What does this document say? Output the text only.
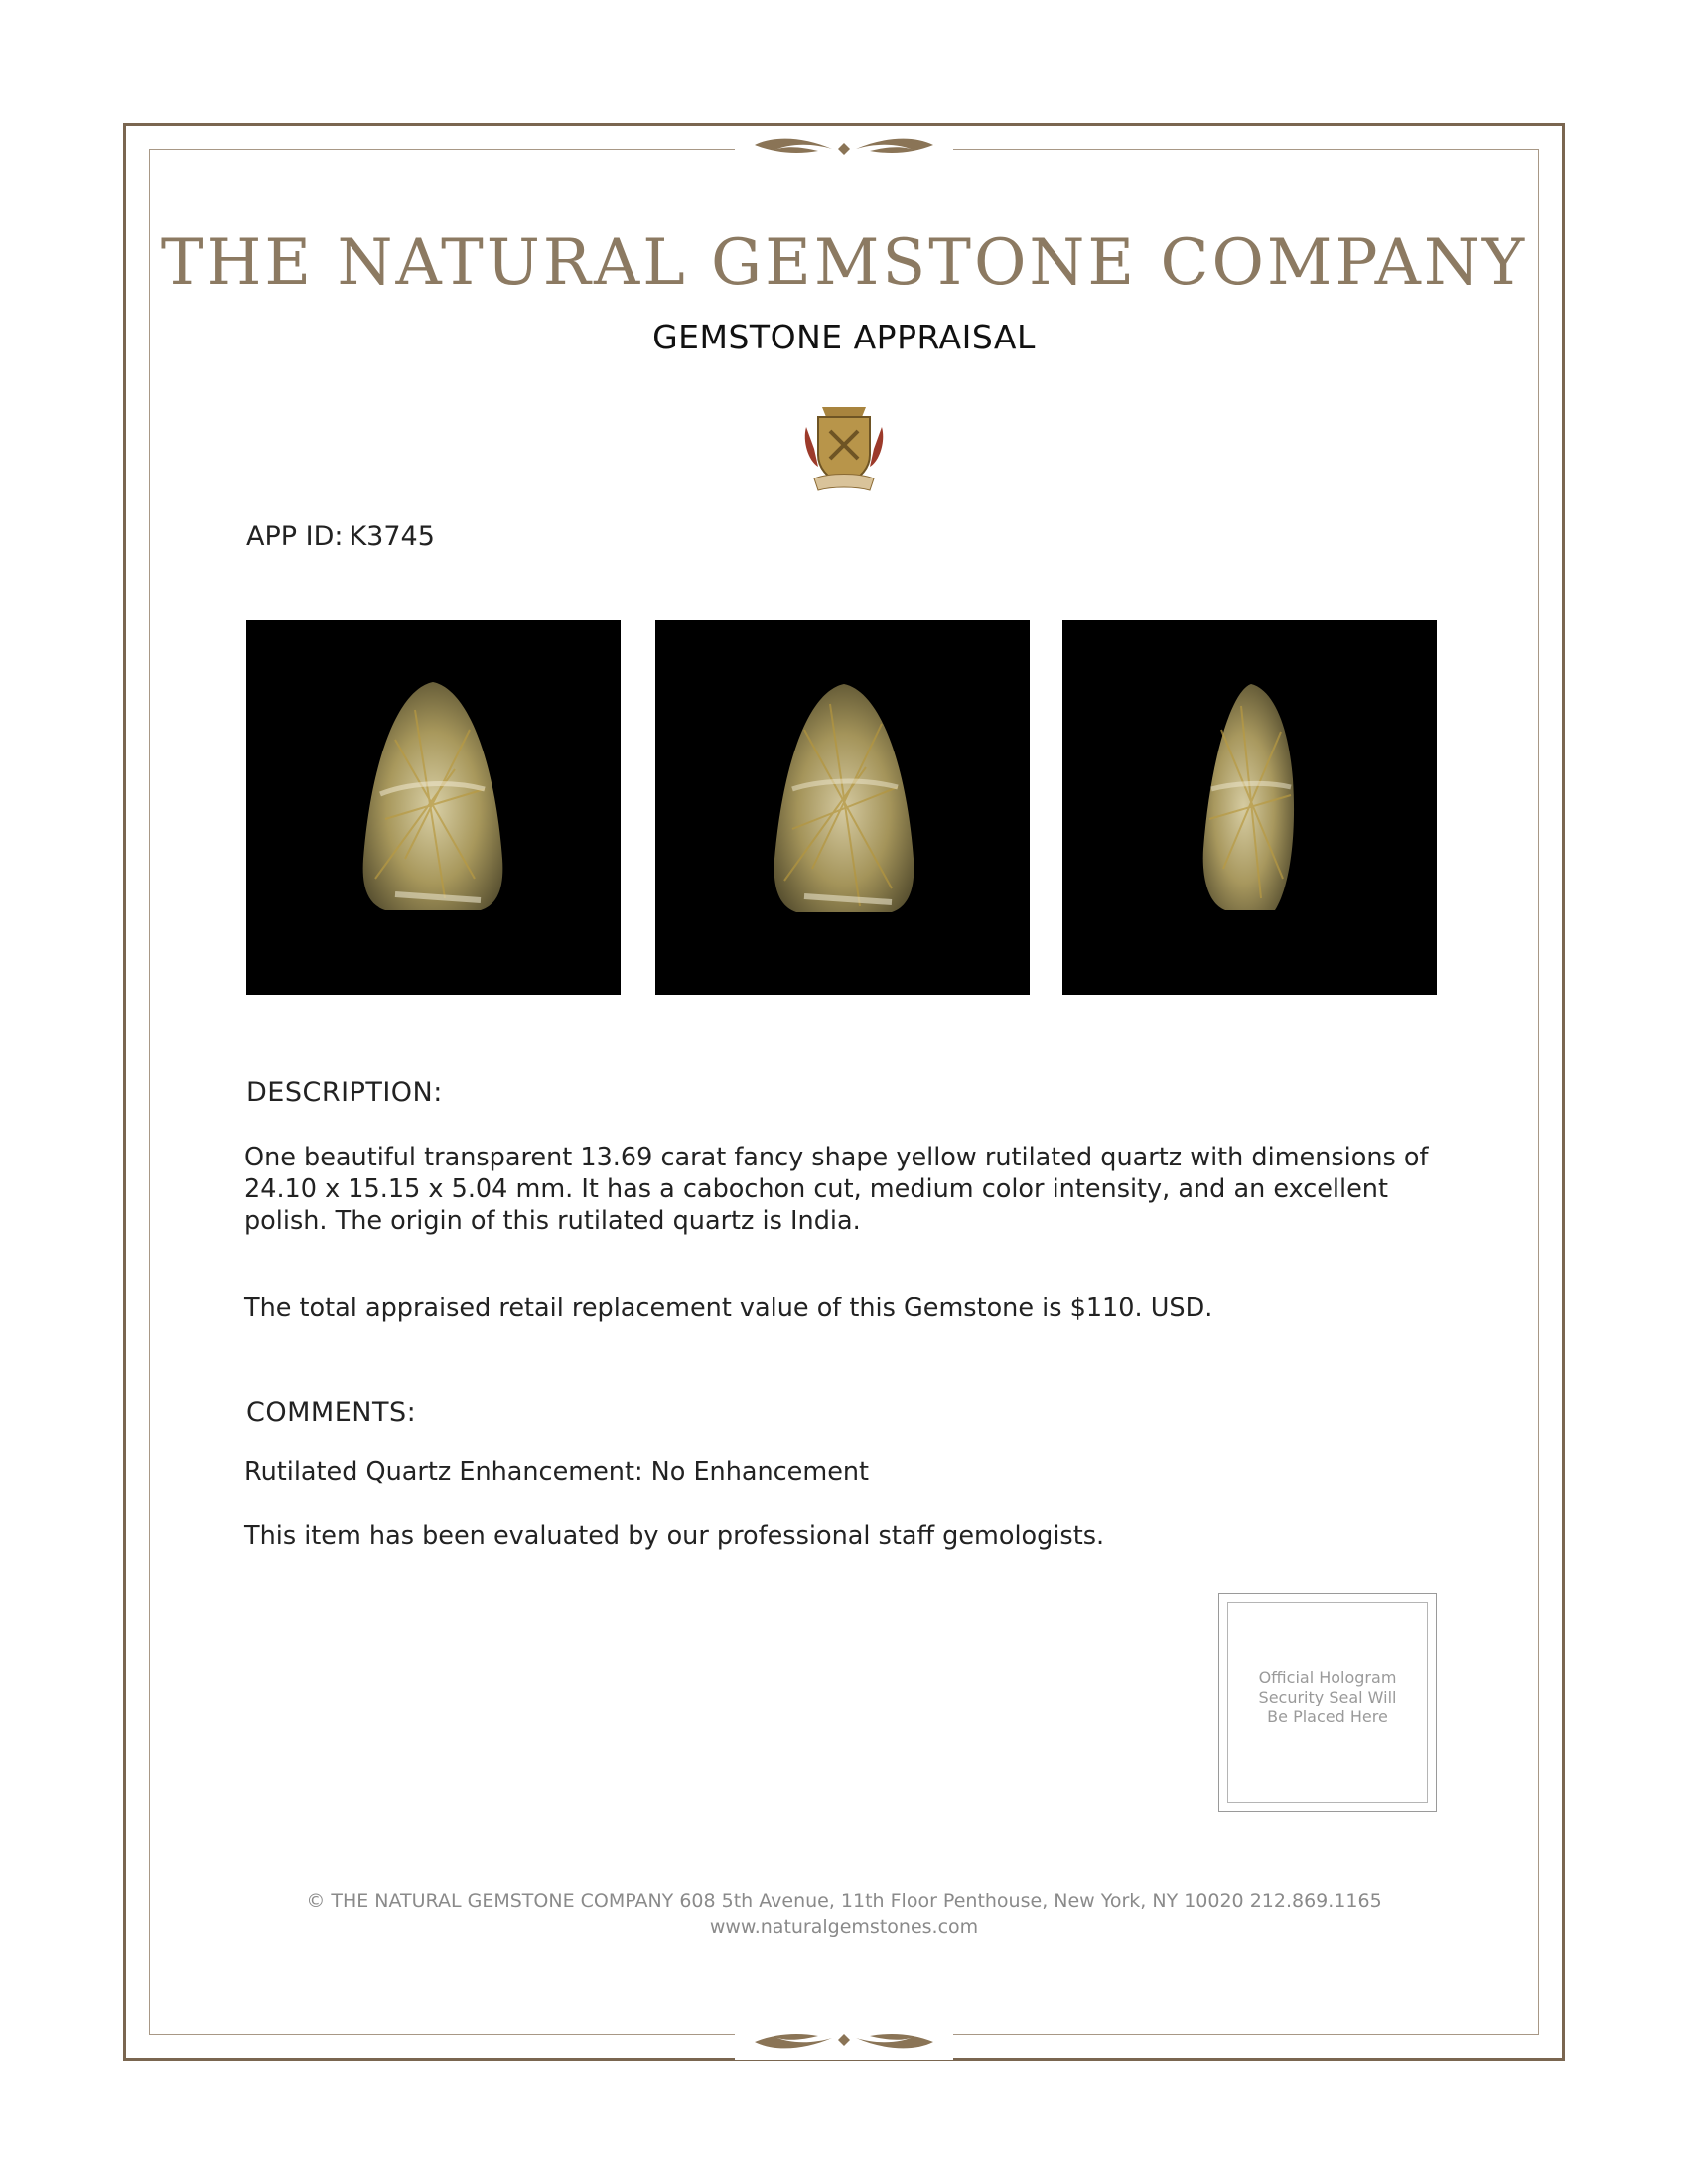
THE NATURAL GEMSTONE COMPANY
GEMSTONE APPRAISAL
APP ID: K3745
DESCRIPTION:

One beautiful transparent 13.69 carat fancy shape yellow rutilated quartz with dimensions of 24.10 x 15.15 x 5.04 mm. It has a cabochon cut, medium color intensity, and an excellent polish. The origin of this rutilated quartz is India.

The total appraised retail replacement value of this Gemstone is $110. USD.

COMMENTS:

Rutilated Quartz Enhancement: No Enhancement

This item has been evaluated by our professional staff gemologists.

Official Hologram
Security Seal Will
Be Placed Here
© THE NATURAL GEMSTONE COMPANY 608 5th Avenue, 11th Floor Penthouse, New York, NY 10020 212.869.1165
www.naturalgemstones.com
